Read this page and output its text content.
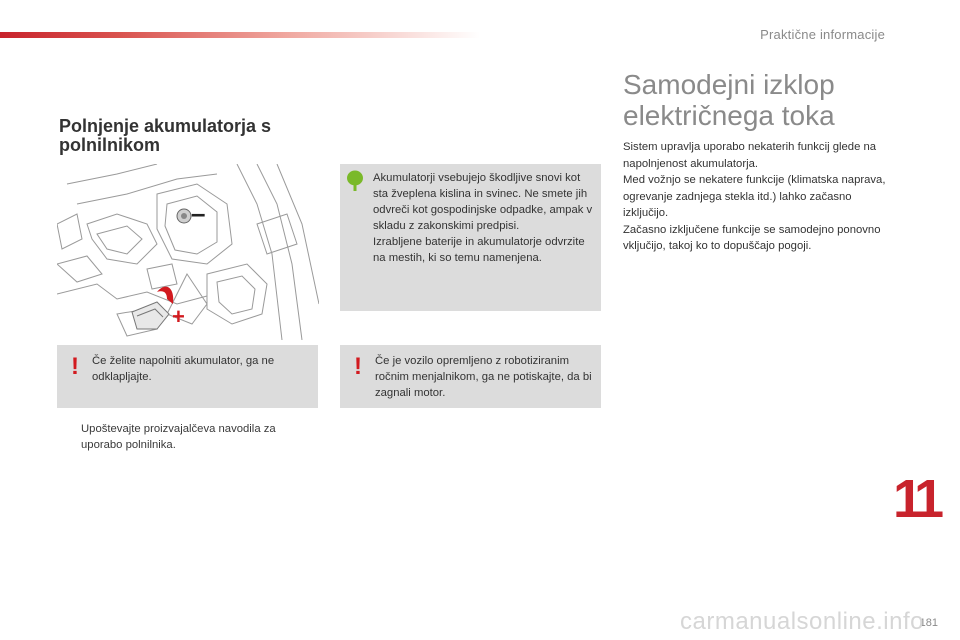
Praktične informacije
Polnjenje akumulatorja s polnilnikom
–
+
Akumulatorji vsebujejo škodljive snovi kot sta žveplena kislina in svinec. Ne smete jih odvreči kot gospodinjske odpadke, ampak v skladu z zakonskimi predpisi.
Izrabljene baterije in akumulatorje odvrzite na mestih, ki so temu namenjena.
!	Če želite napolniti akumulator, ga ne odklapljajte.	!	Če je vozilo opremljeno z robotiziranim ročnim menjalnikom, ga ne potiskajte, da bi zagnali motor.
Upoštevajte proizvajalčeva navodila za uporabo polnilnika.
Samodejni izklop električnega toka
Sistem upravlja uporabo nekaterih funkcij glede na napolnjenost akumulatorja.
Med vožnjo se nekatere funkcije (klimatska naprava, ogrevanje zadnjega stekla itd.) lahko začasno izključijo.
Začasno izključene funkcije se samodejno ponovno vključijo, takoj ko to dopuščajo pogoji.
11
181
carmanualsonline.info
